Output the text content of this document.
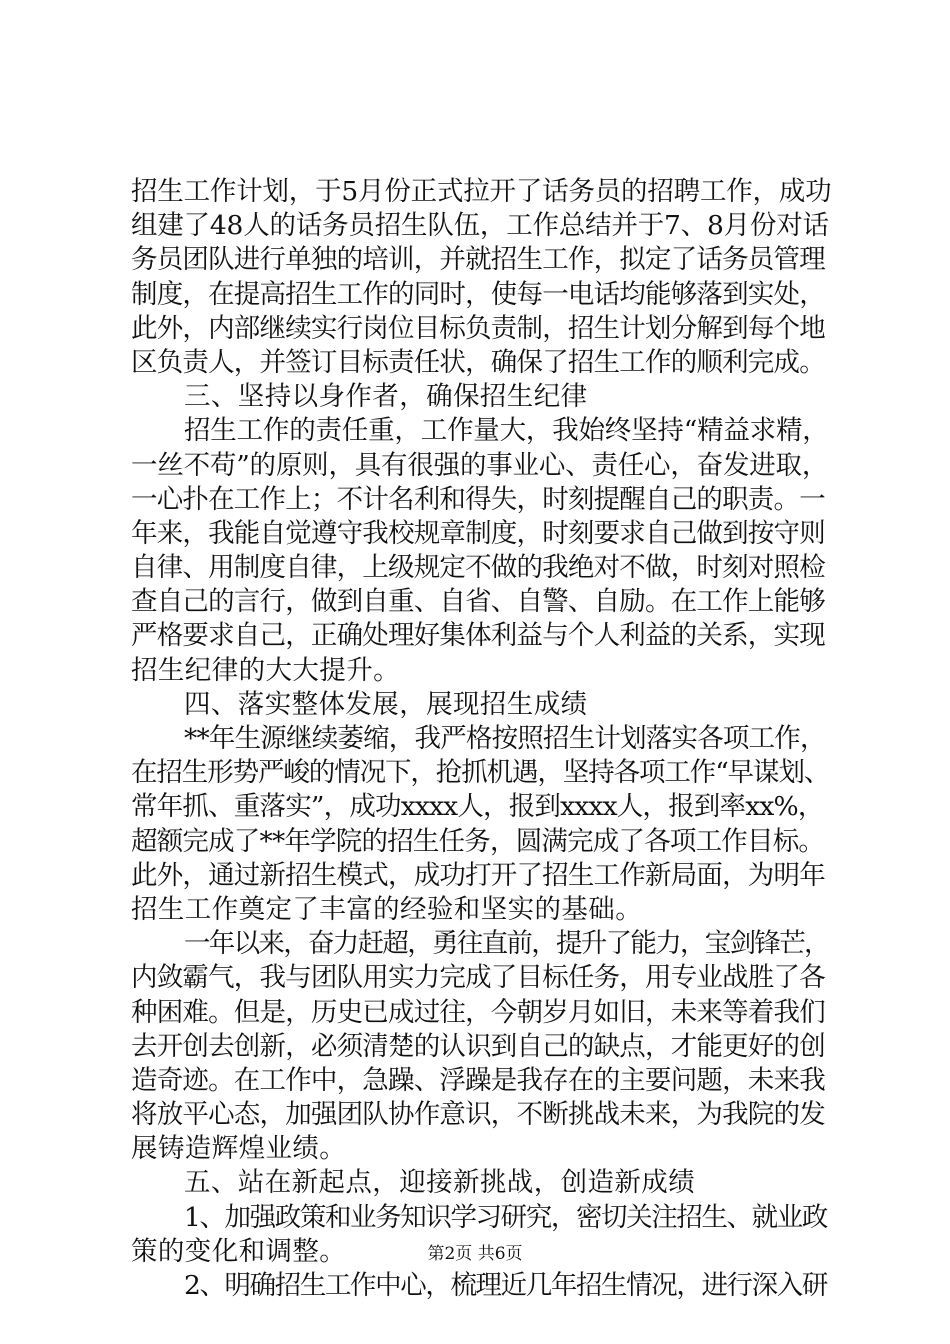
招生工作计划，于5月份正式拉开了话务员的招聘工作，成功
组建了48人的话务员招生队伍，工作总结并于7、8月份对话
务员团队进行单独的培训，并就招生工作，拟定了话务员管理
制度，在提高招生工作的同时，使每一电话均能够落到实处，
此外，内部继续实行岗位目标负责制，招生计划分解到每个地
区负责人，并签订目标责任状，确保了招生工作的顺利完成。
三、坚持以身作者，确保招生纪律
招生工作的责任重，工作量大，我始终坚持“精益求精，
一丝不苟”的原则，具有很强的事业心、责任心，奋发进取，
一心扑在工作上；不计名利和得失，时刻提醒自己的职责。一
年来，我能自觉遵守我校规章制度，时刻要求自己做到按守则
自律、用制度自律，上级规定不做的我绝对不做，时刻对照检
查自己的言行，做到自重、自省、自警、自励。在工作上能够
严格要求自己，正确处理好集体利益与个人利益的关系，实现
招生纪律的大大提升。
四、落实整体发展，展现招生成绩
**年生源继续萎缩，我严格按照招生计划落实各项工作，
在招生形势严峻的情况下，抢抓机遇，坚持各项工作“早谋划、
常年抓、重落实”，成功xxxx人，报到xxxx人，报到率xx%，
超额完成了**年学院的招生任务，圆满完成了各项工作目标。
此外，通过新招生模式，成功打开了招生工作新局面，为明年
招生工作奠定了丰富的经验和坚实的基础。
一年以来，奋力赶超，勇往直前，提升了能力，宝剑锋芒，
内敛霸气，我与团队用实力完成了目标任务，用专业战胜了各
种困难。但是，历史已成过往，今朝岁月如旧，未来等着我们
去开创去创新，必须清楚的认识到自己的缺点，才能更好的创
造奇迹。在工作中，急躁、浮躁是我存在的主要问题，未来我
将放平心态，加强团队协作意识，不断挑战未来，为我院的发
展铸造辉煌业绩。
五、站在新起点，迎接新挑战，创造新成绩
1、加强政策和业务知识学习研究，密切关注招生、就业政
策的变化和调整。
2、明确招生工作中心，梳理近几年招生情况，进行深入研
第2页 共6页
